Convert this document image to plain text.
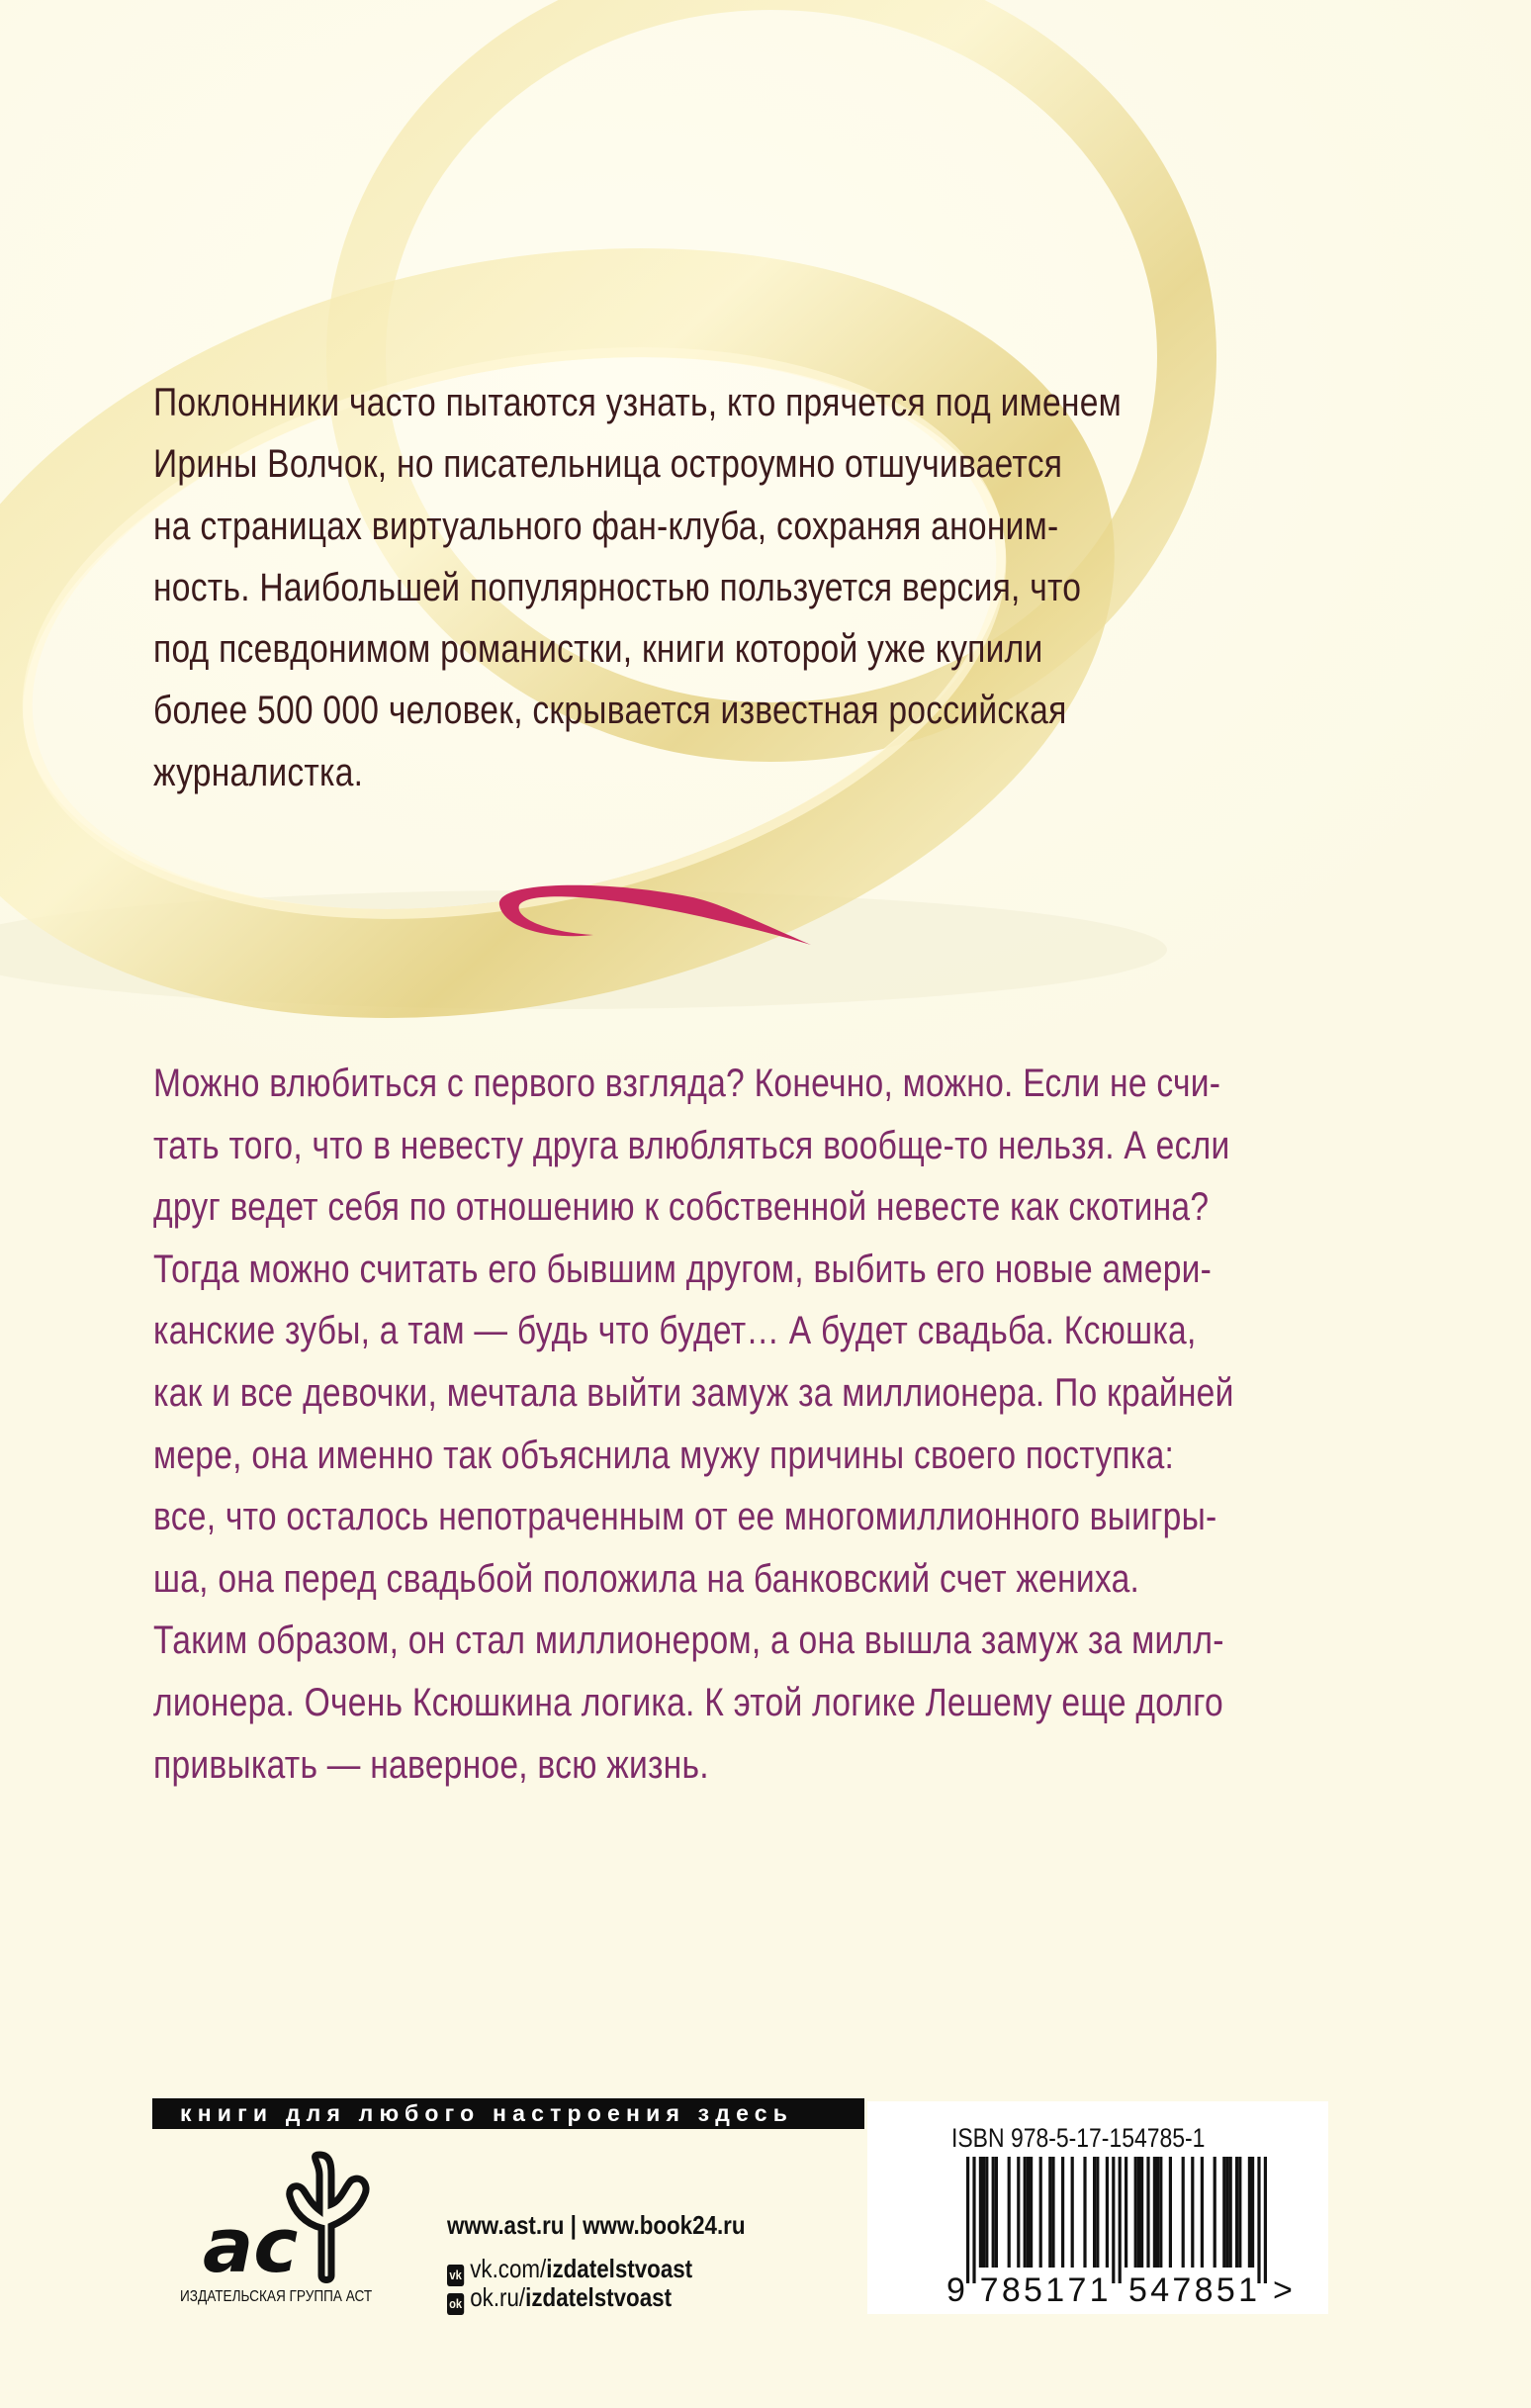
Поклонники часто пытаются узнать, кто прячется под именем
Ирины Волчок, но писательница остроумно отшучивается
на страницах виртуального фан-клуба, сохраняя аноним-
ность. Наибольшей популярностью пользуется версия, что
под псевдонимом романистки, книги которой уже купили
более 500 000 человек, скрывается известная российская
журналистка.
Можно влюбиться с первого взгляда? Конечно, можно. Если не счи-
тать того, что в невесту друга влюбляться вообще-то нельзя. А если
друг ведет себя по отношению к собственной невесте как скотина?
Тогда можно считать его бывшим другом, выбить его новые амери-
канские зубы, а там — будь что будет… А будет свадьба. Ксюшка,
как и все девочки, мечтала выйти замуж за миллионера. По крайней
мере, она именно так объяснила мужу причины своего поступка:
все, что осталось непотраченным от ее многомиллионного выигры-
ша, она перед свадьбой положила на банковский счет жениха.
Таким образом, он стал миллионером, а она вышла замуж за милл-
лионера. Очень Ксюшкина логика. К этой логике Лешему еще долго
привыкать — наверное, всю жизнь.
книги для любого настроения здесь
ac
ИЗДАТЕЛЬСКАЯ ГРУППА АСТ
www.ast.ru | www.book24.ru
vk vk.com/izdatelstvoast
ok ok.ru/izdatelstvoast
ISBN 978-5-17-154785-1
9 785171 547851 >
